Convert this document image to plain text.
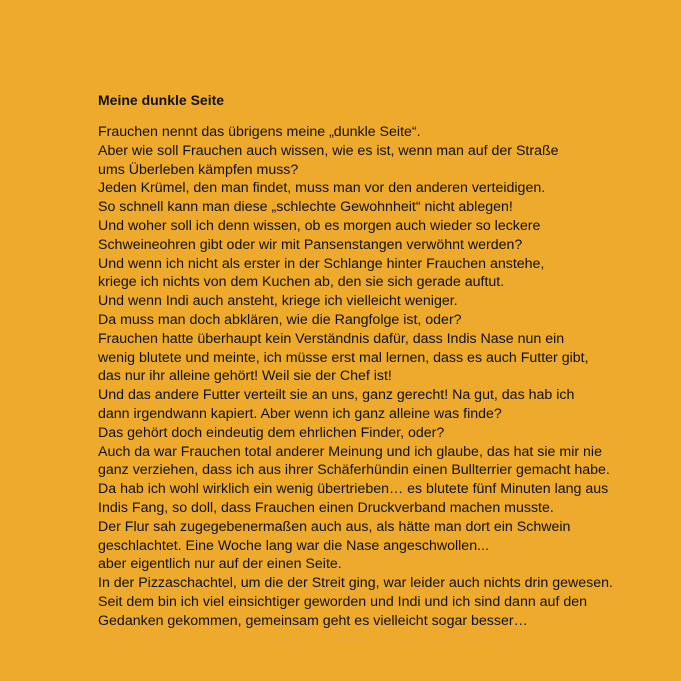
Meine dunkle Seite
Frauchen nennt das übrigens meine „dunkle Seite“.
Aber wie soll Frauchen auch wissen, wie es ist, wenn man auf der Straße
ums Überleben kämpfen muss?
Jeden Krümel, den man findet, muss man vor den anderen verteidigen.
So schnell kann man diese „schlechte Gewohnheit“ nicht ablegen!
Und woher soll ich denn wissen, ob es morgen auch wieder so leckere
Schweineohren gibt oder wir mit Pansenstangen verwöhnt werden?
Und wenn ich nicht als erster in der Schlange hinter Frauchen anstehe,
kriege ich nichts von dem Kuchen ab, den sie sich gerade auftut.
Und wenn Indi auch ansteht, kriege ich vielleicht weniger.
Da muss man doch abklären, wie die Rangfolge ist, oder?
Frauchen hatte überhaupt kein Verständnis dafür, dass Indis Nase nun ein
wenig blutete und meinte, ich müsse erst mal lernen, dass es auch Futter gibt,
das nur ihr alleine gehört! Weil sie der Chef ist!
Und das andere Futter verteilt sie an uns, ganz gerecht! Na gut, das hab ich
dann irgendwann kapiert. Aber wenn ich ganz alleine was finde?
Das gehört doch eindeutig dem ehrlichen Finder, oder?
Auch da war Frauchen total anderer Meinung und ich glaube, das hat sie mir nie
ganz verziehen, dass ich aus ihrer Schäferhündin einen Bullterrier gemacht habe.
Da hab ich wohl wirklich ein wenig übertrieben… es blutete fünf Minuten lang aus
Indis Fang, so doll, dass Frauchen einen Druckverband machen musste.
Der Flur sah zugegebenermaßen auch aus, als hätte man dort ein Schwein
geschlachtet. Eine Woche lang war die Nase angeschwollen...
aber eigentlich nur auf der einen Seite.
In der Pizzaschachtel, um die der Streit ging, war leider auch nichts drin gewesen.
Seit dem bin ich viel einsichtiger geworden und Indi und ich sind dann auf den
Gedanken gekommen, gemeinsam geht es vielleicht sogar besser…
